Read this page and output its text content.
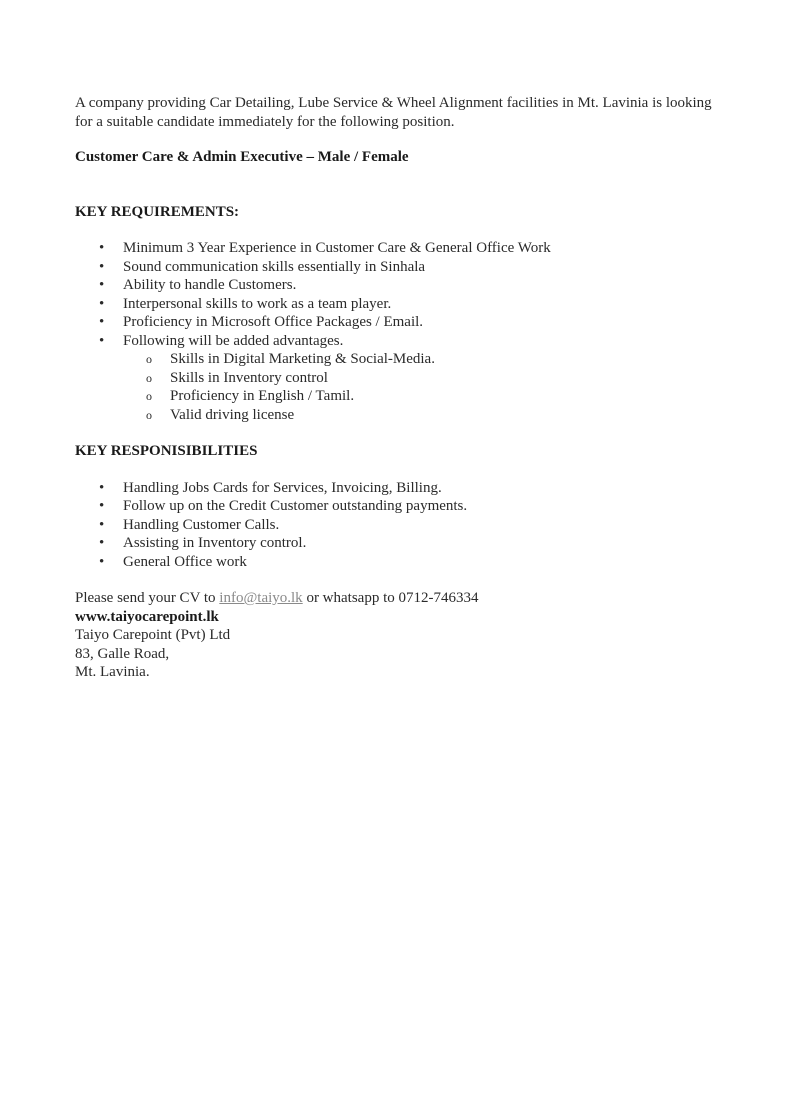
A company providing Car Detailing, Lube Service & Wheel Alignment facilities in Mt. Lavinia is looking for a suitable candidate immediately for the following position.

Customer Care & Admin Executive – Male / Female

KEY REQUIREMENTS:

•	Minimum 3 Year Experience in Customer Care & General Office Work
•	Sound communication skills essentially in Sinhala
•	Ability to handle Customers.
•	Interpersonal skills to work as a team player.
•	Proficiency in Microsoft Office Packages / Email.
•	Following will be added advantages.
o Skills in Digital Marketing & Social-Media.
o Skills in Inventory control
o Proficiency in English / Tamil.
o Valid driving license

KEY RESPONISIBILITIES

•	Handling Jobs Cards for Services, Invoicing, Billing.
•	Follow up on the Credit Customer outstanding payments.
•	Handling Customer Calls.
•	Assisting in Inventory control.
•	General Office work
Please send your CV to info@taiyo.lk or whatsapp to 0712-746334
www.taiyocarepoint.lk
Taiyo Carepoint (Pvt) Ltd
83, Galle Road,
Mt. Lavinia.
